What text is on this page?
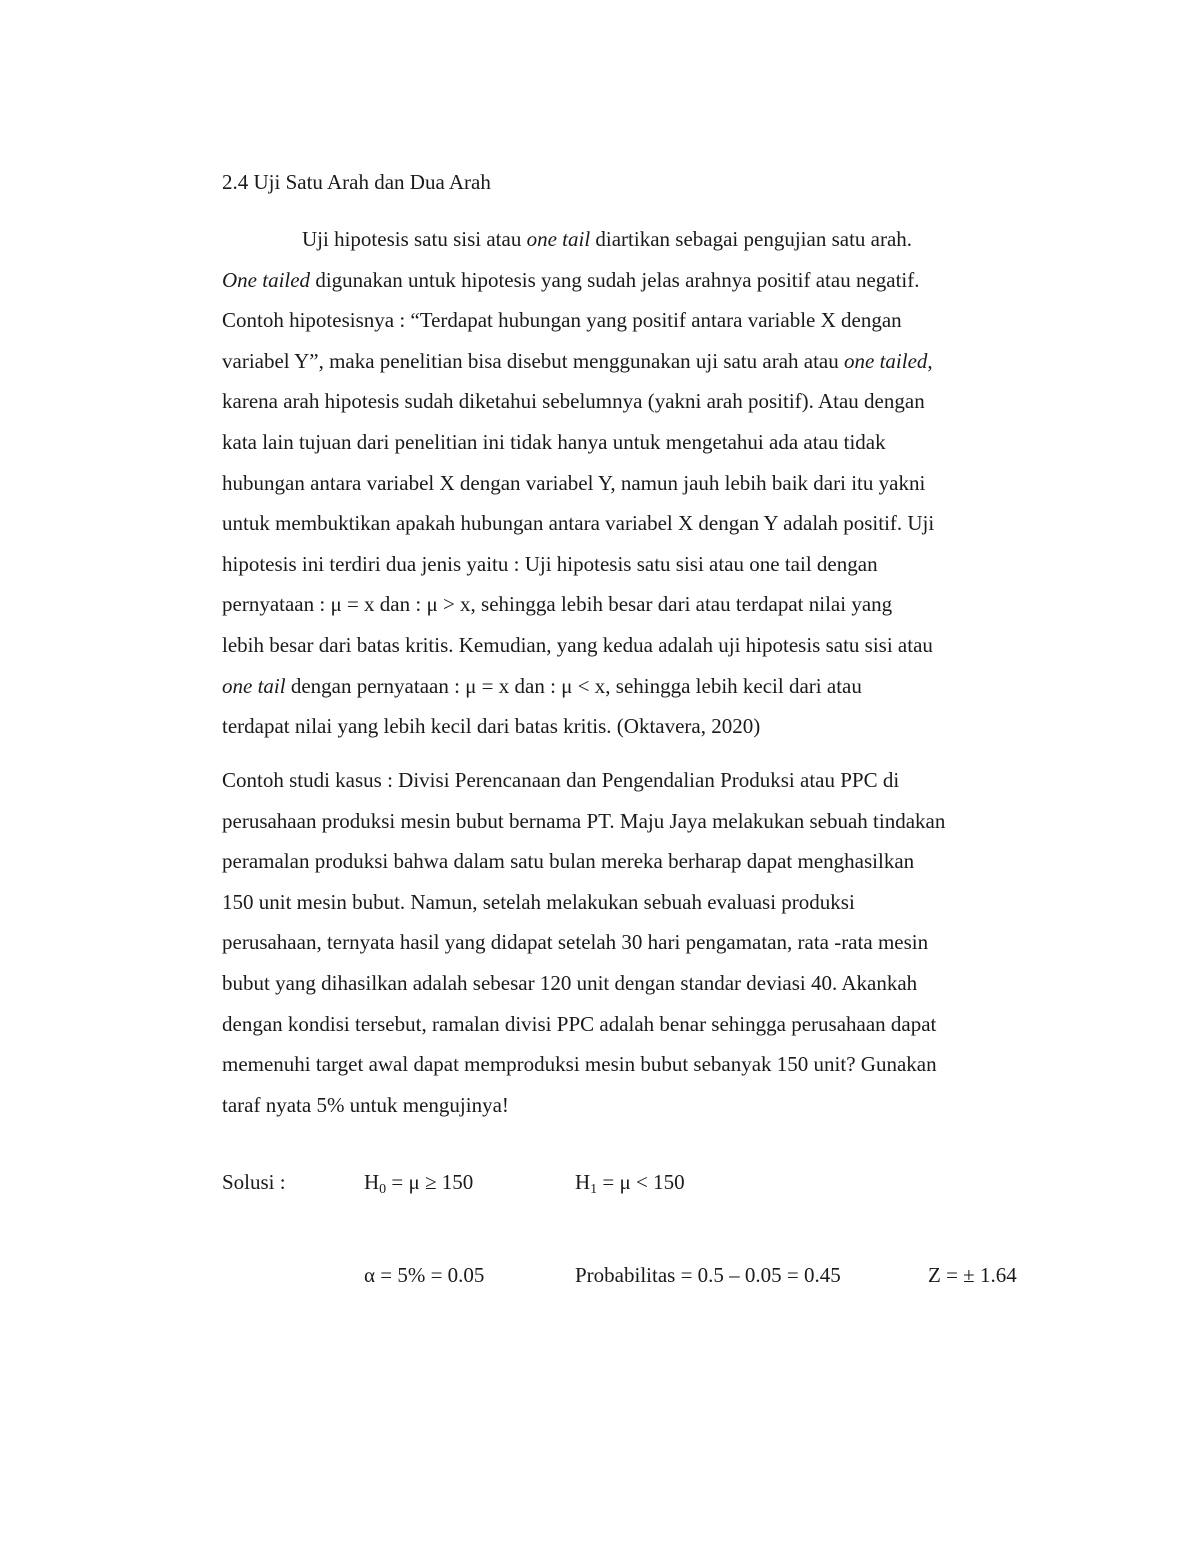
2.4 Uji Satu Arah dan Dua Arah
Uji hipotesis satu sisi atau one tail diartikan sebagai pengujian satu arah.
One tailed digunakan untuk hipotesis yang sudah jelas arahnya positif atau negatif.
Contoh hipotesisnya : “Terdapat hubungan yang positif antara variable X dengan
variabel Y”, maka penelitian bisa disebut menggunakan uji satu arah atau one tailed,
karena arah hipotesis sudah diketahui sebelumnya (yakni arah positif). Atau dengan
kata lain tujuan dari penelitian ini tidak hanya untuk mengetahui ada atau tidak
hubungan antara variabel X dengan variabel Y, namun jauh lebih baik dari itu yakni
untuk membuktikan apakah hubungan antara variabel X dengan Y adalah positif. Uji
hipotesis ini terdiri dua jenis yaitu : Uji hipotesis satu sisi atau one tail dengan
pernyataan : μ = x dan : μ > x, sehingga lebih besar dari atau terdapat nilai yang
lebih besar dari batas kritis. Kemudian, yang kedua adalah uji hipotesis satu sisi atau
one tail dengan pernyataan : μ = x dan : μ < x, sehingga lebih kecil dari atau
terdapat nilai yang lebih kecil dari batas kritis. (Oktavera, 2020)
Contoh studi kasus : Divisi Perencanaan dan Pengendalian Produksi atau PPC di
perusahaan produksi mesin bubut bernama PT. Maju Jaya melakukan sebuah tindakan
peramalan produksi bahwa dalam satu bulan mereka berharap dapat menghasilkan
150 unit mesin bubut. Namun, setelah melakukan sebuah evaluasi produksi
perusahaan, ternyata hasil yang didapat setelah 30 hari pengamatan, rata -rata mesin
bubut yang dihasilkan adalah sebesar 120 unit dengan standar deviasi 40. Akankah
dengan kondisi tersebut, ramalan divisi PPC adalah benar sehingga perusahaan dapat
memenuhi target awal dapat memproduksi mesin bubut sebanyak 150 unit? Gunakan
taraf nyata 5% untuk mengujinya!
Solusi :	$H_0 = \mu \ge 150$	$H_1 = \mu < 150$
α = 5% = 0.05	Probabilitas = 0.5 – 0.05 = 0.45	Z = ± 1.64
